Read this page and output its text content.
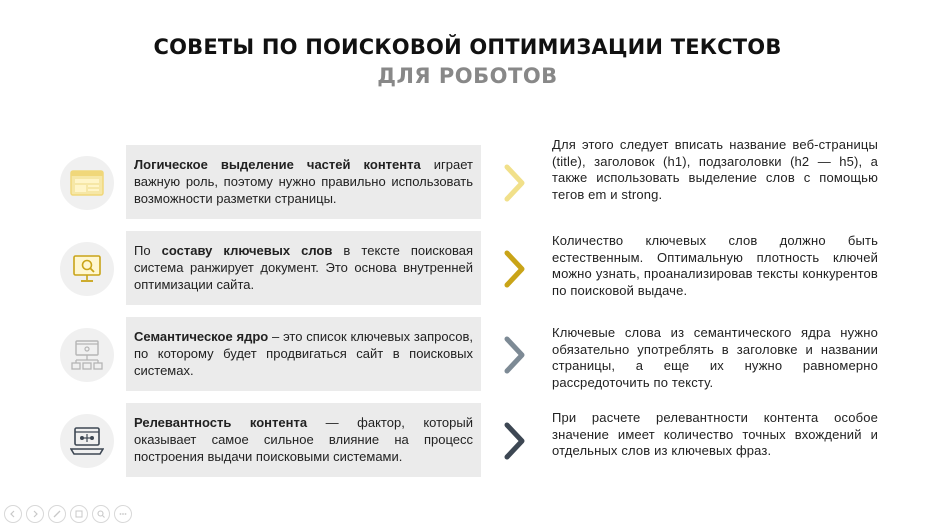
СОВЕТЫ ПО ПОИСКОВОЙ ОПТИМИЗАЦИИ ТЕКСТОВ
ДЛЯ РОБОТОВ
Логическое выделение частей контента играет важную роль, поэтому нужно правильно использовать возможности разметки страницы.
Для этого следует вписать название веб-страницы (title), заголовок (h1), подзаголовки (h2 — h5), а также использовать выделение слов с помощью тегов em и strong.
По составу ключевых слов в тексте поисковая система ранжирует документ. Это основа внутренней оптимизации сайта.
Количество ключевых слов должно быть естественным. Оптимальную плотность ключей можно узнать, проанализировав тексты конкурентов по поисковой выдаче.
Семантическое ядро – это список ключевых запросов, по которому будет продвигаться сайт в поисковых системах.
Ключевые слова из семантического ядра нужно обязательно употреблять в заголовке и названии страницы, а еще их нужно равномерно рассредоточить по тексту.
Релевантность контента — фактор, который оказывает самое сильное влияние на процесс построения выдачи поисковыми системами.
При расчете релевантности контента особое значение имеет количество точных вхождений и отдельных слов из ключевых фраз.
